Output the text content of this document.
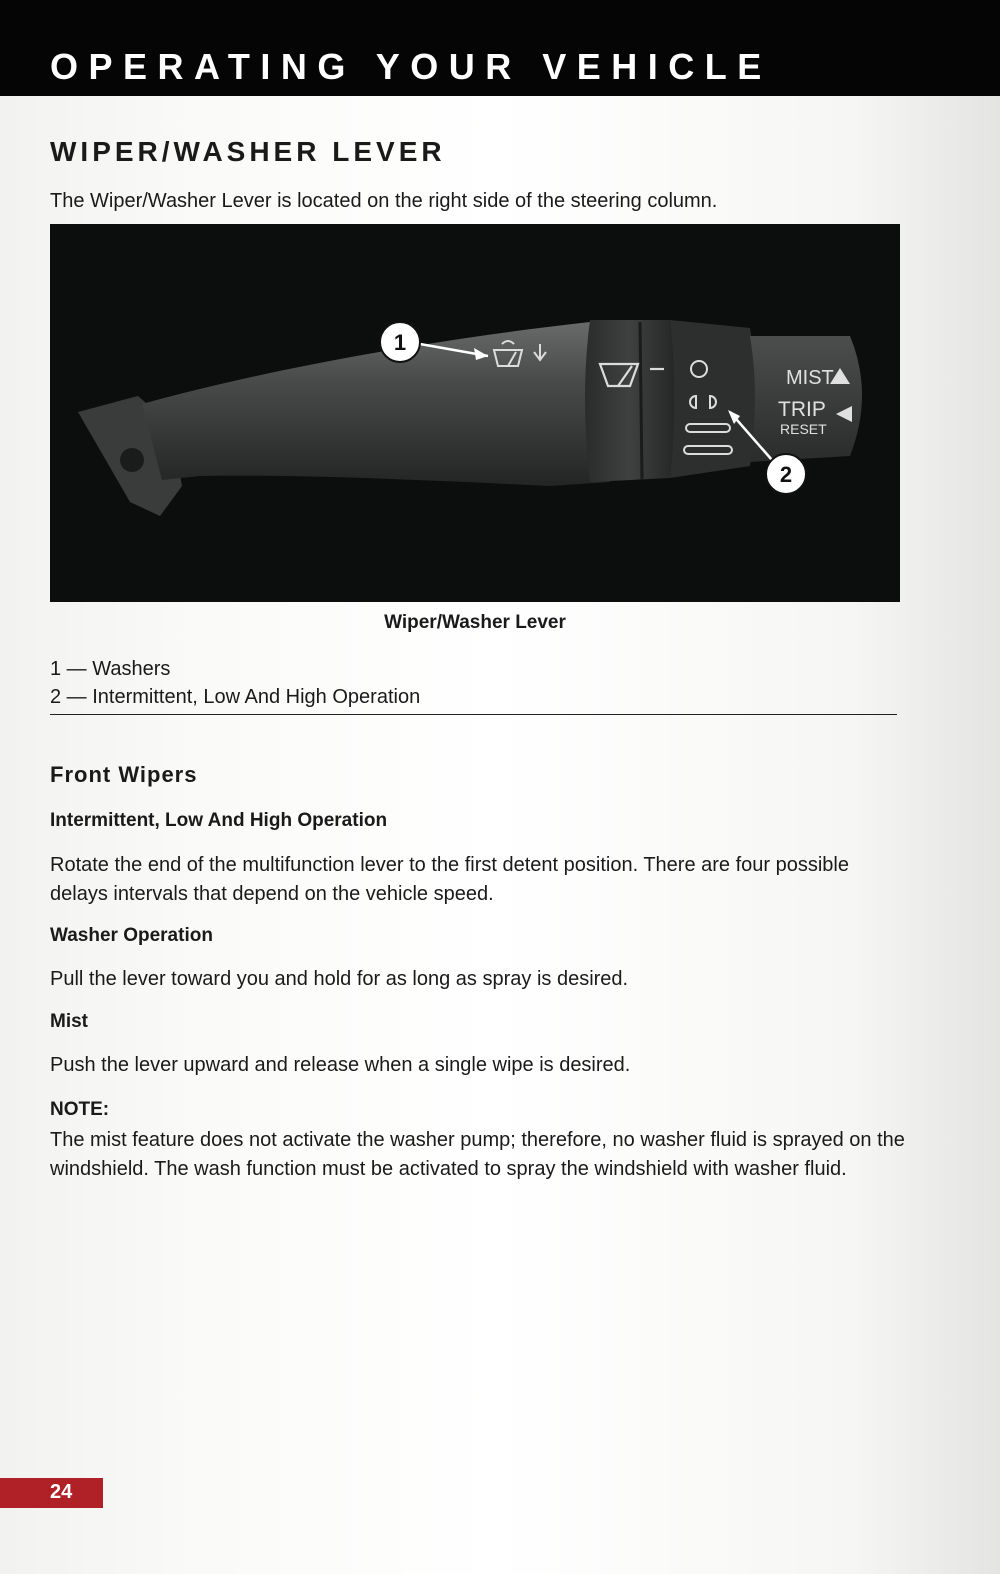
OPERATING YOUR VEHICLE
WIPER/WASHER LEVER
The Wiper/Washer Lever is located on the right side of the steering column.
MIST
TRIP
RESET
1
2
Wiper/Washer Lever
1 — Washers
2 — Intermittent, Low And High Operation
Front Wipers
Intermittent, Low And High Operation
Rotate the end of the multifunction lever to the first detent position. There are four possible delays intervals that depend on the vehicle speed.
Washer Operation
Pull the lever toward you and hold for as long as spray is desired.
Mist
Push the lever upward and release when a single wipe is desired.
NOTE:
The mist feature does not activate the washer pump; therefore, no washer fluid is sprayed on the windshield. The wash function must be activated to spray the windshield with washer fluid.
24
